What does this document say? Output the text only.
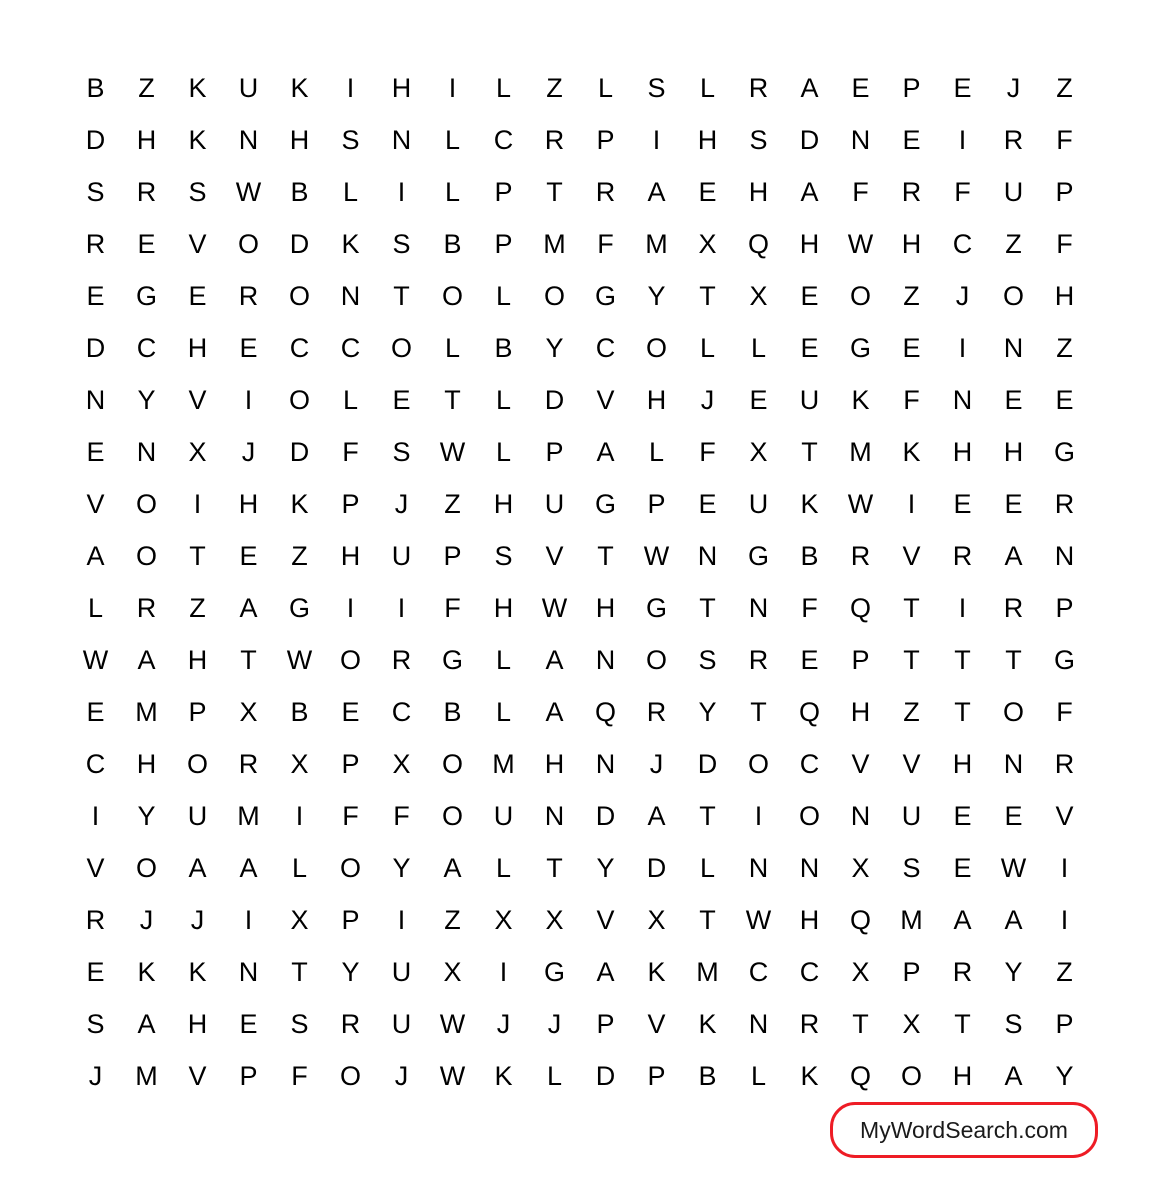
B	Z	K	U	K	I	H	I	L	Z	L	S	L	R	A	E	P	E	J	Z
D	H	K	N	H	S	N	L	C	R	P	I	H	S	D	N	E	I	R	F
S	R	S	W	B	L	I	L	P	T	R	A	E	H	A	F	R	F	U	P
R	E	V	O	D	K	S	B	P	M	F	M	X	Q	H	W	H	C	Z	F
E	G	E	R	O	N	T	O	L	O	G	Y	T	X	E	O	Z	J	O	H
D	C	H	E	C	C	O	L	B	Y	C	O	L	L	E	G	E	I	N	Z
N	Y	V	I	O	L	E	T	L	D	V	H	J	E	U	K	F	N	E	E
E	N	X	J	D	F	S	W	L	P	A	L	F	X	T	M	K	H	H	G
V	O	I	H	K	P	J	Z	H	U	G	P	E	U	K	W	I	E	E	R
A	O	T	E	Z	H	U	P	S	V	T	W	N	G	B	R	V	R	A	N
L	R	Z	A	G	I	I	F	H	W	H	G	T	N	F	Q	T	I	R	P
W	A	H	T	W	O	R	G	L	A	N	O	S	R	E	P	T	T	T	G
E	M	P	X	B	E	C	B	L	A	Q	R	Y	T	Q	H	Z	T	O	F
C	H	O	R	X	P	X	O	M	H	N	J	D	O	C	V	V	H	N	R
I	Y	U	M	I	F	F	O	U	N	D	A	T	I	O	N	U	E	E	V
V	O	A	A	L	O	Y	A	L	T	Y	D	L	N	N	X	S	E	W	I
R	J	J	I	X	P	I	Z	X	X	V	X	T	W	H	Q	M	A	A	I
E	K	K	N	T	Y	U	X	I	G	A	K	M	C	C	X	P	R	Y	Z
S	A	H	E	S	R	U	W	J	J	P	V	K	N	R	T	X	T	S	P
J	M	V	P	F	O	J	W	K	L	D	P	B	L	K	Q	O	H	A	Y
MyWordSearch.com
